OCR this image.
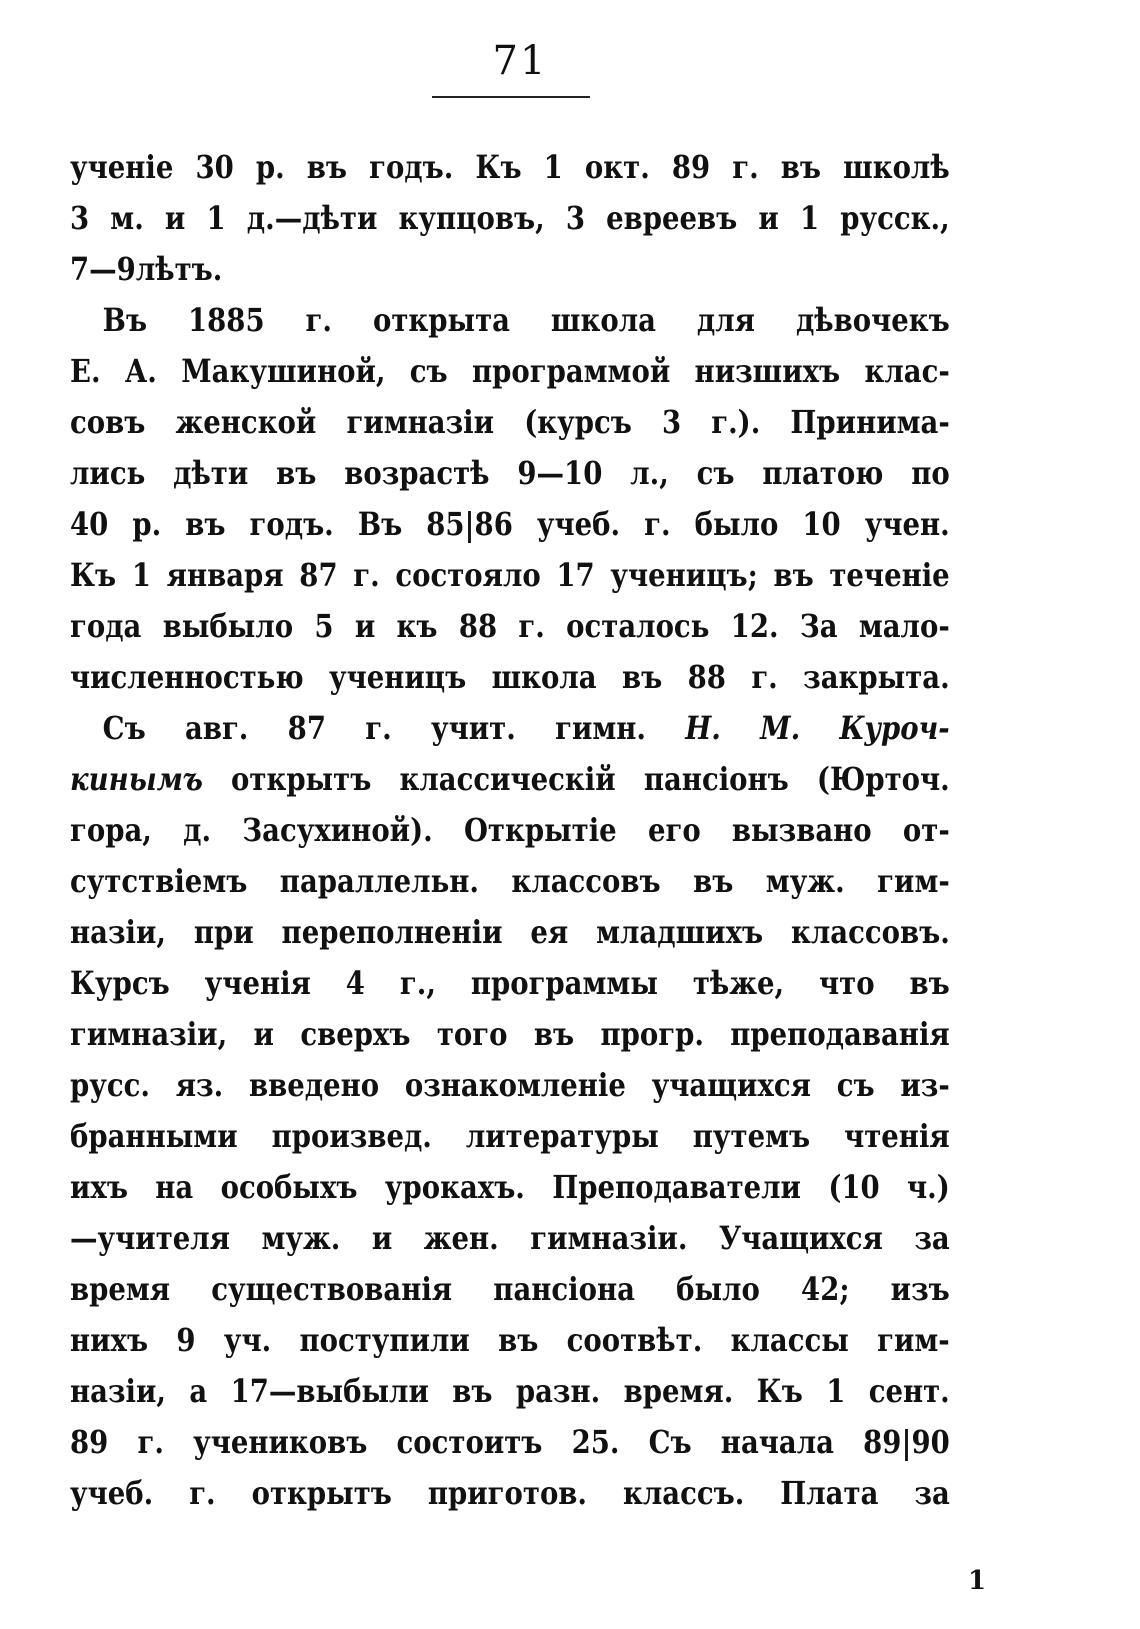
71
ученіе 30 р. въ годъ. Къ 1 окт. 89 г. въ школѣ
3 м. и 1 д.—дѣти купцовъ, 3 евреевъ и 1 русск.,
7 — 9 лѣтъ.
Въ 1885 г. открыта школа для дѣвочекъ
Е. А. Макушиной, съ программой низшихъ клас-
совъ женской гимназіи (курсъ 3 г.). Принима-
лись дѣти въ возрастѣ 9—10 л., съ платою по
40 р. въ годъ. Въ 85|86 учеб. г. было 10 учен.
Къ 1 января 87 г. состояло 17 ученицъ; въ теченіе
года выбыло 5 и къ 88 г. осталось 12. За мало-
численностью ученицъ школа въ 88 г. закрыта.
Съ авг. 87 г. учит. гимн. Н. М. Куроч-
кинымъ открытъ классическій пансіонъ (Юрточ.
гора, д. Засухиной). Открытіе его вызвано от-
сутствіемъ параллельн. классовъ въ муж. гим-
назіи, при переполненіи ея младшихъ классовъ.
Курсъ ученія 4 г., программы тѣже, что въ
гимназіи, и сверхъ того въ прогр. преподаванія
русс. яз. введено ознакомленіе учащихся съ из-
бранными произвед. литературы путемъ чтенія
ихъ на особыхъ урокахъ. Преподаватели (10 ч.)
—учителя муж. и жен. гимназіи. Учащихся за
время существованія пансіона было 42; изъ
нихъ 9 уч. поступили въ соотвѣт. классы гим-
назіи, а 17—выбыли въ разн. время. Къ 1 сент.
89 г. учениковъ состоитъ 25. Съ начала 89|90
учеб. г. открытъ приготов. классъ. Плата за
1
